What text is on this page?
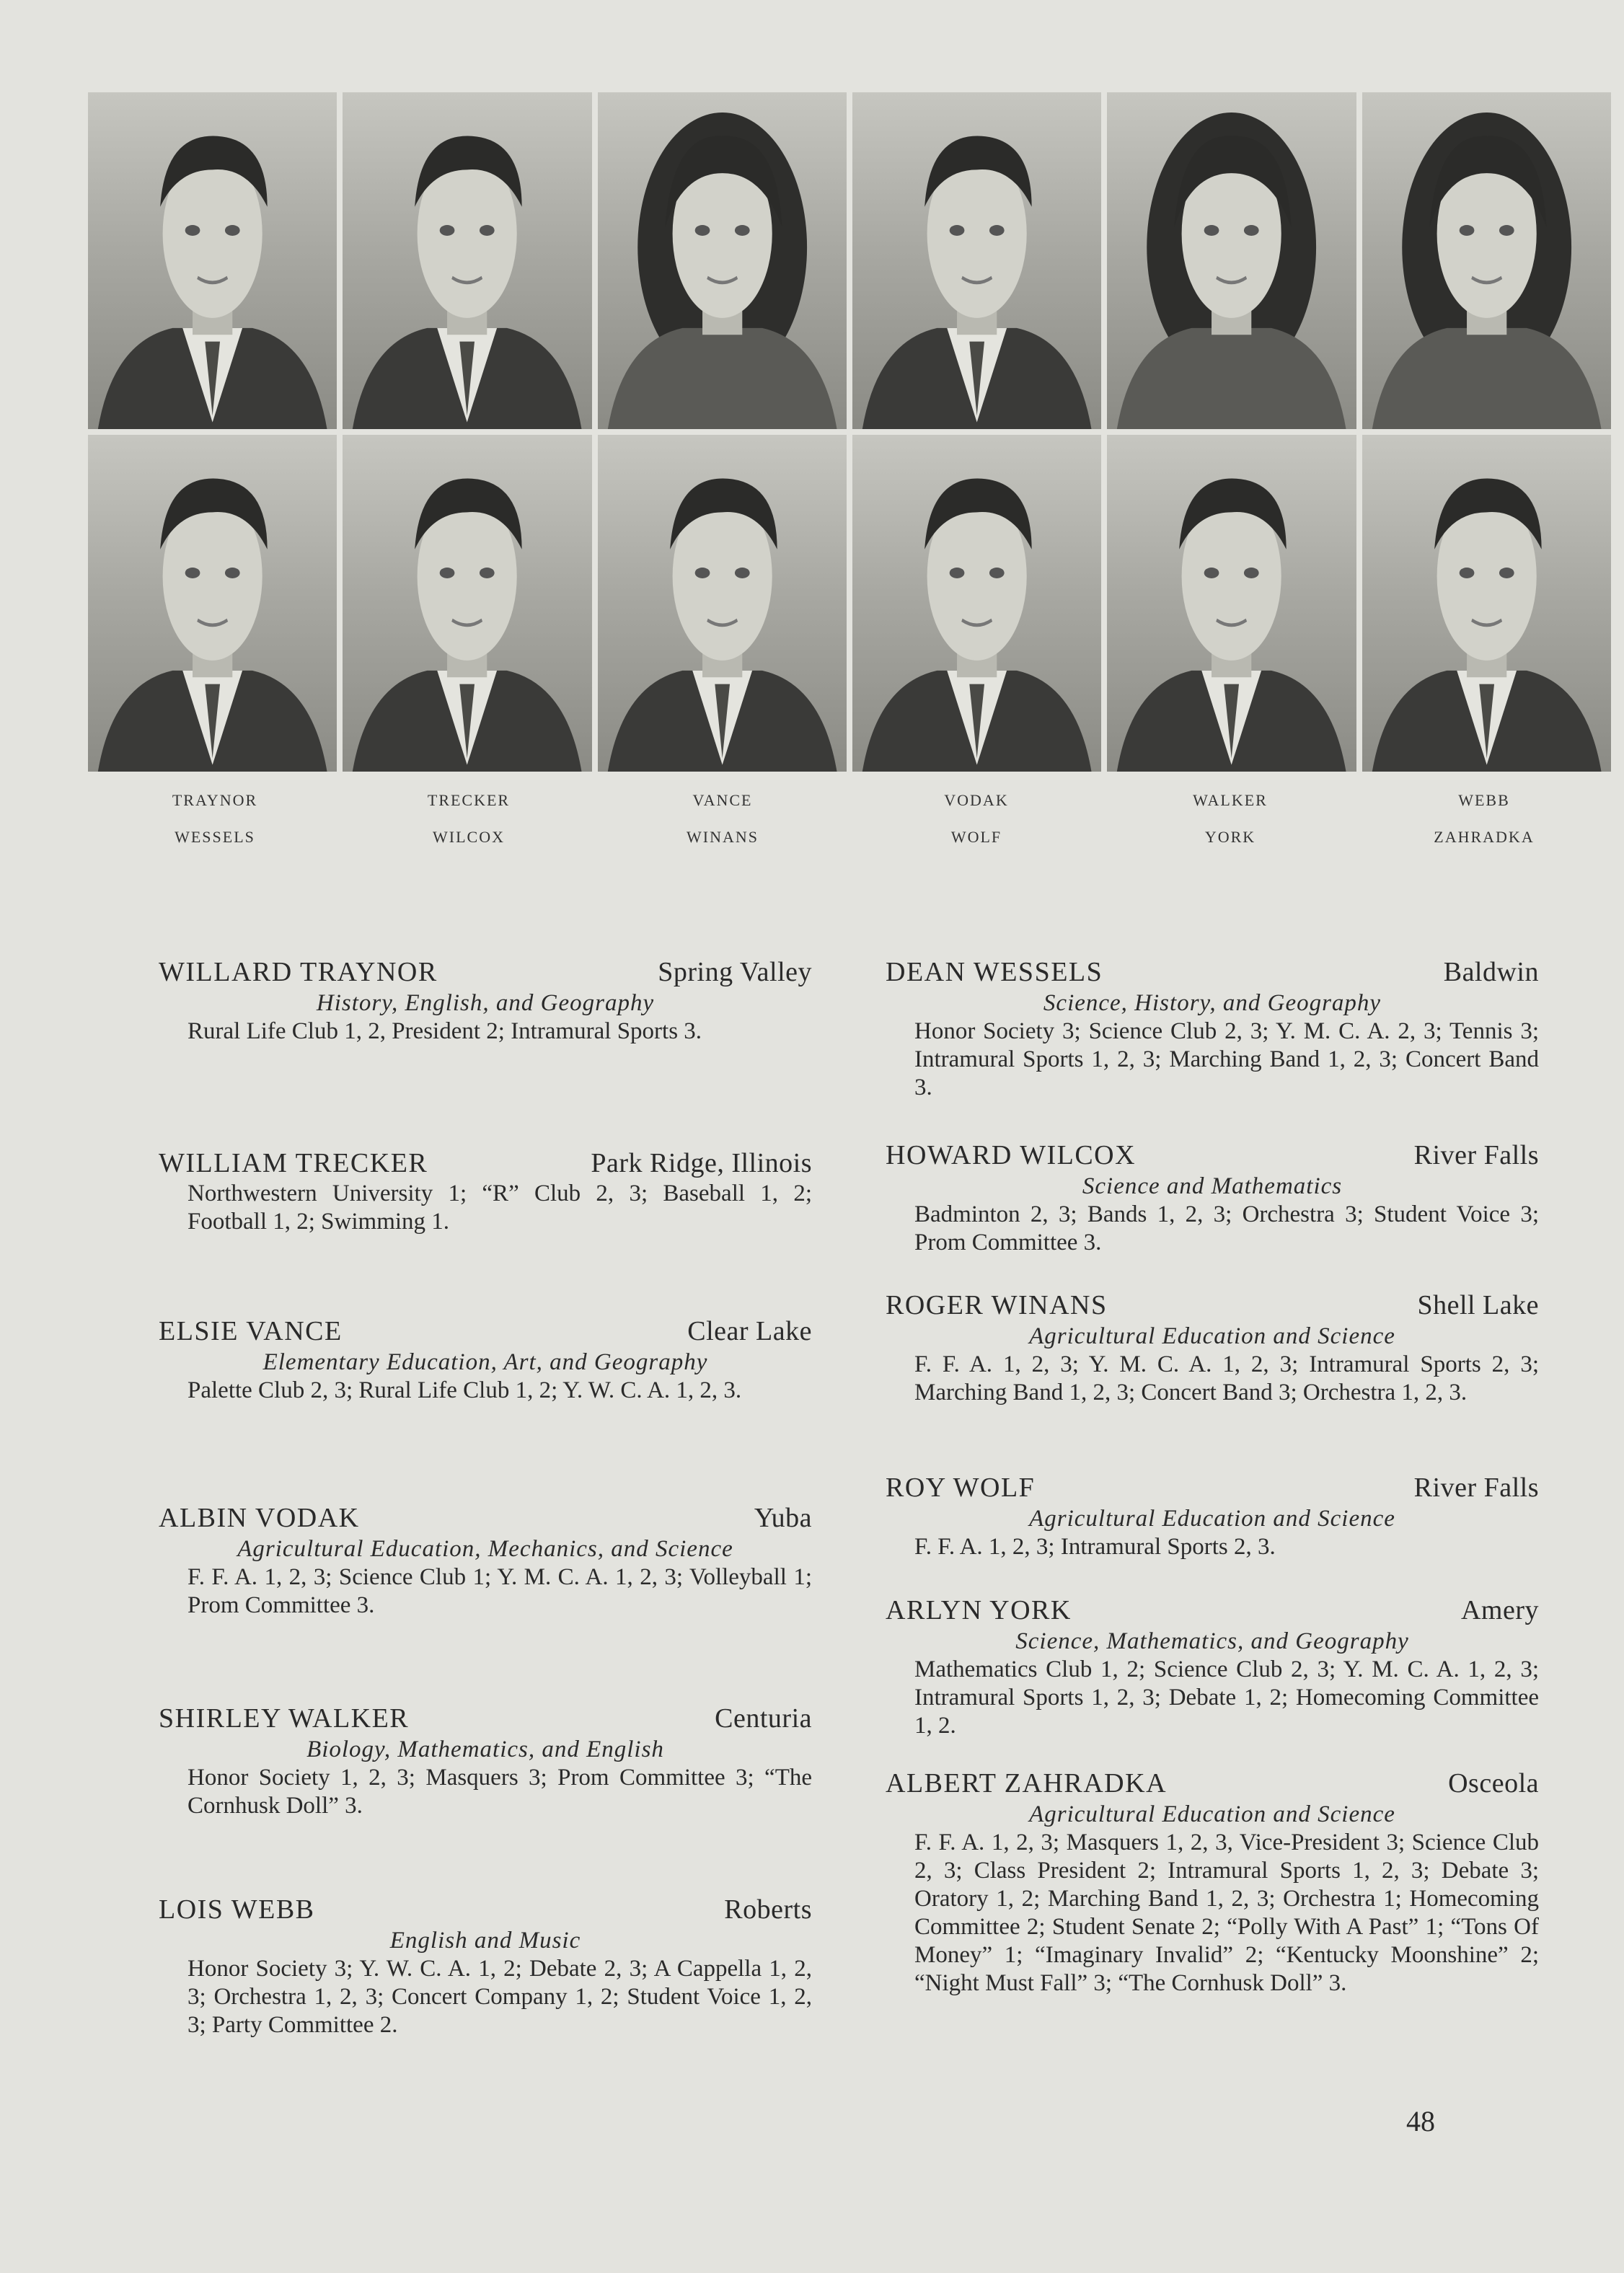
TRAYNOR	TRECKER	VANCE	VODAK	WALKER	WEBB
WESSELS	WILCOX	WINANS	WOLF	YORK	ZAHRADKA
WILLARD TRAYNOR	Spring Valley
History, English, and Geography
Rural Life Club 1, 2, President 2; Intramural Sports 3.
WILLIAM TRECKER	Park Ridge, Illinois
Northwestern University 1; “R” Club 2, 3; Baseball 1, 2; Football 1, 2; Swimming 1.
ELSIE VANCE	Clear Lake
Elementary Education, Art, and Geography
Palette Club 2, 3; Rural Life Club 1, 2; Y. W. C. A. 1, 2, 3.
ALBIN VODAK	Yuba
Agricultural Education, Mechanics, and Science
F. F. A. 1, 2, 3; Science Club 1; Y. M. C. A. 1, 2, 3; Volleyball 1; Prom Committee 3.
SHIRLEY WALKER	Centuria
Biology, Mathematics, and English
Honor Society 1, 2, 3; Masquers 3; Prom Committee 3; “The Cornhusk Doll” 3.
LOIS WEBB	Roberts
English and Music
Honor Society 3; Y. W. C. A. 1, 2; Debate 2, 3; A Cappella 1, 2, 3; Orchestra 1, 2, 3; Concert Company 1, 2; Student Voice 1, 2, 3; Party Committee 2.
DEAN WESSELS	Baldwin
Science, History, and Geography
Honor Society 3; Science Club 2, 3; Y. M. C. A. 2, 3; Tennis 3; Intramural Sports 1, 2, 3; Marching Band 1, 2, 3; Concert Band 3.
HOWARD WILCOX	River Falls
Science and Mathematics
Badminton 2, 3; Bands 1, 2, 3; Orchestra 3; Student Voice 3; Prom Committee 3.
ROGER WINANS	Shell Lake
Agricultural Education and Science
F. F. A. 1, 2, 3; Y. M. C. A. 1, 2, 3; Intramural Sports 2, 3; Marching Band 1, 2, 3; Concert Band 3; Orchestra 1, 2, 3.
ROY WOLF	River Falls
Agricultural Education and Science
F. F. A. 1, 2, 3; Intramural Sports 2, 3.
ARLYN YORK	Amery
Science, Mathematics, and Geography
Mathematics Club 1, 2; Science Club 2, 3; Y. M. C. A. 1, 2, 3; Intramural Sports 1, 2, 3; Debate 1, 2; Homecoming Committee 1, 2.
ALBERT ZAHRADKA	Osceola
Agricultural Education and Science
F. F. A. 1, 2, 3; Masquers 1, 2, 3, Vice-President 3; Science Club 2, 3; Class President 2; Intramural Sports 1, 2, 3; Debate 3; Oratory 1, 2; Marching Band 1, 2, 3; Orchestra 1; Homecoming Committee 2; Student Senate 2; “Polly With A Past” 1; “Tons Of Money” 1; “Imaginary Invalid” 2; “Kentucky Moonshine” 2; “Night Must Fall” 3; “The Cornhusk Doll” 3.
48
